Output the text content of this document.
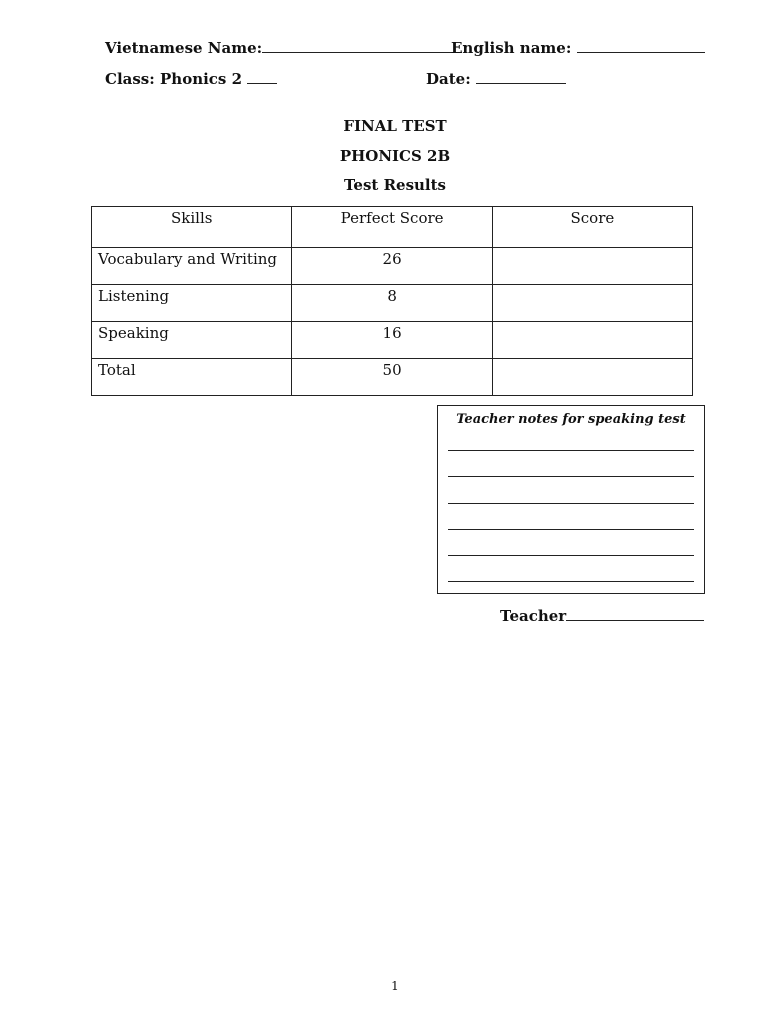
Vietnamese Name:	English name:
Class: Phonics 2	Date:
FINAL TEST
PHONICS 2B
Test Results
Skills	Perfect Score	Score
Vocabulary and Writing	26	
Listening	8	
Speaking	16	
Total	50	
Teacher notes for speaking test
Teacher
1
